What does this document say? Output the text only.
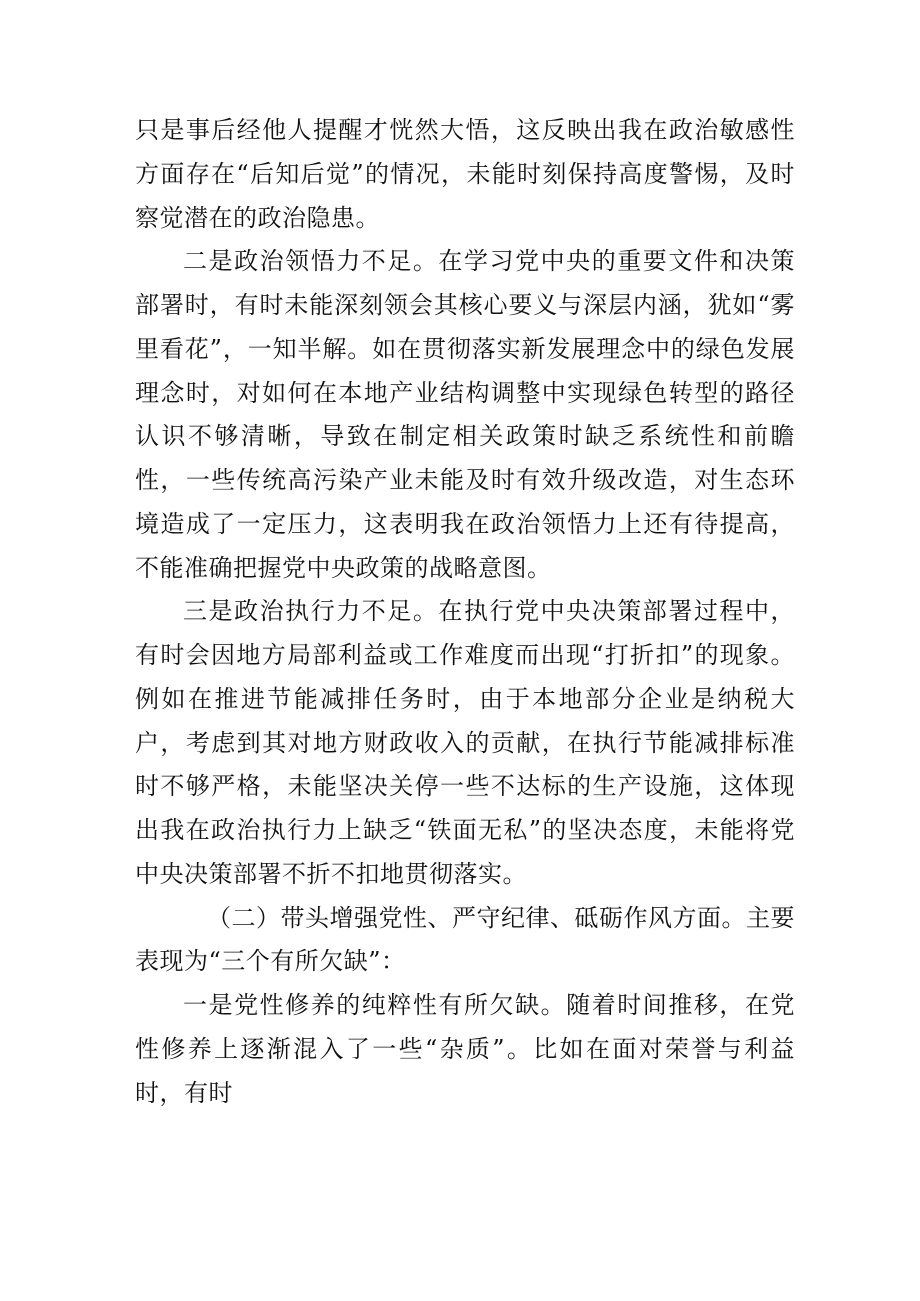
只是事后经他人提醒才恍然大悟，这反映出我在政治敏感性方面存在“后知后觉”的情况，未能时刻保持高度警惕，及时察觉潜在的政治隐患。

二是政治领悟力不足。在学习党中央的重要文件和决策部署时，有时未能深刻领会其核心要义与深层内涵，犹如“雾里看花”，一知半解。如在贯彻落实新发展理念中的绿色发展理念时，对如何在本地产业结构调整中实现绿色转型的路径认识不够清晰，导致在制定相关政策时缺乏系统性和前瞻性，一些传统高污染产业未能及时有效升级改造，对生态环境造成了一定压力，这表明我在政治领悟力上还有待提高，不能准确把握党中央政策的战略意图。

三是政治执行力不足。在执行党中央决策部署过程中，有时会因地方局部利益或工作难度而出现“打折扣”的现象。例如在推进节能减排任务时，由于本地部分企业是纳税大户，考虑到其对地方财政收入的贡献，在执行节能减排标准时不够严格，未能坚决关停一些不达标的生产设施，这体现出我在政治执行力上缺乏“铁面无私”的坚决态度，未能将党中央决策部署不折不扣地贯彻落实。

（二）带头增强党性、严守纪律、砥砺作风方面。主要表现为“三个有所欠缺”：

一是党性修养的纯粹性有所欠缺。随着时间推移，在党性修养上逐渐混入了一些“杂质”。比如在面对荣誉与利益时，有时
